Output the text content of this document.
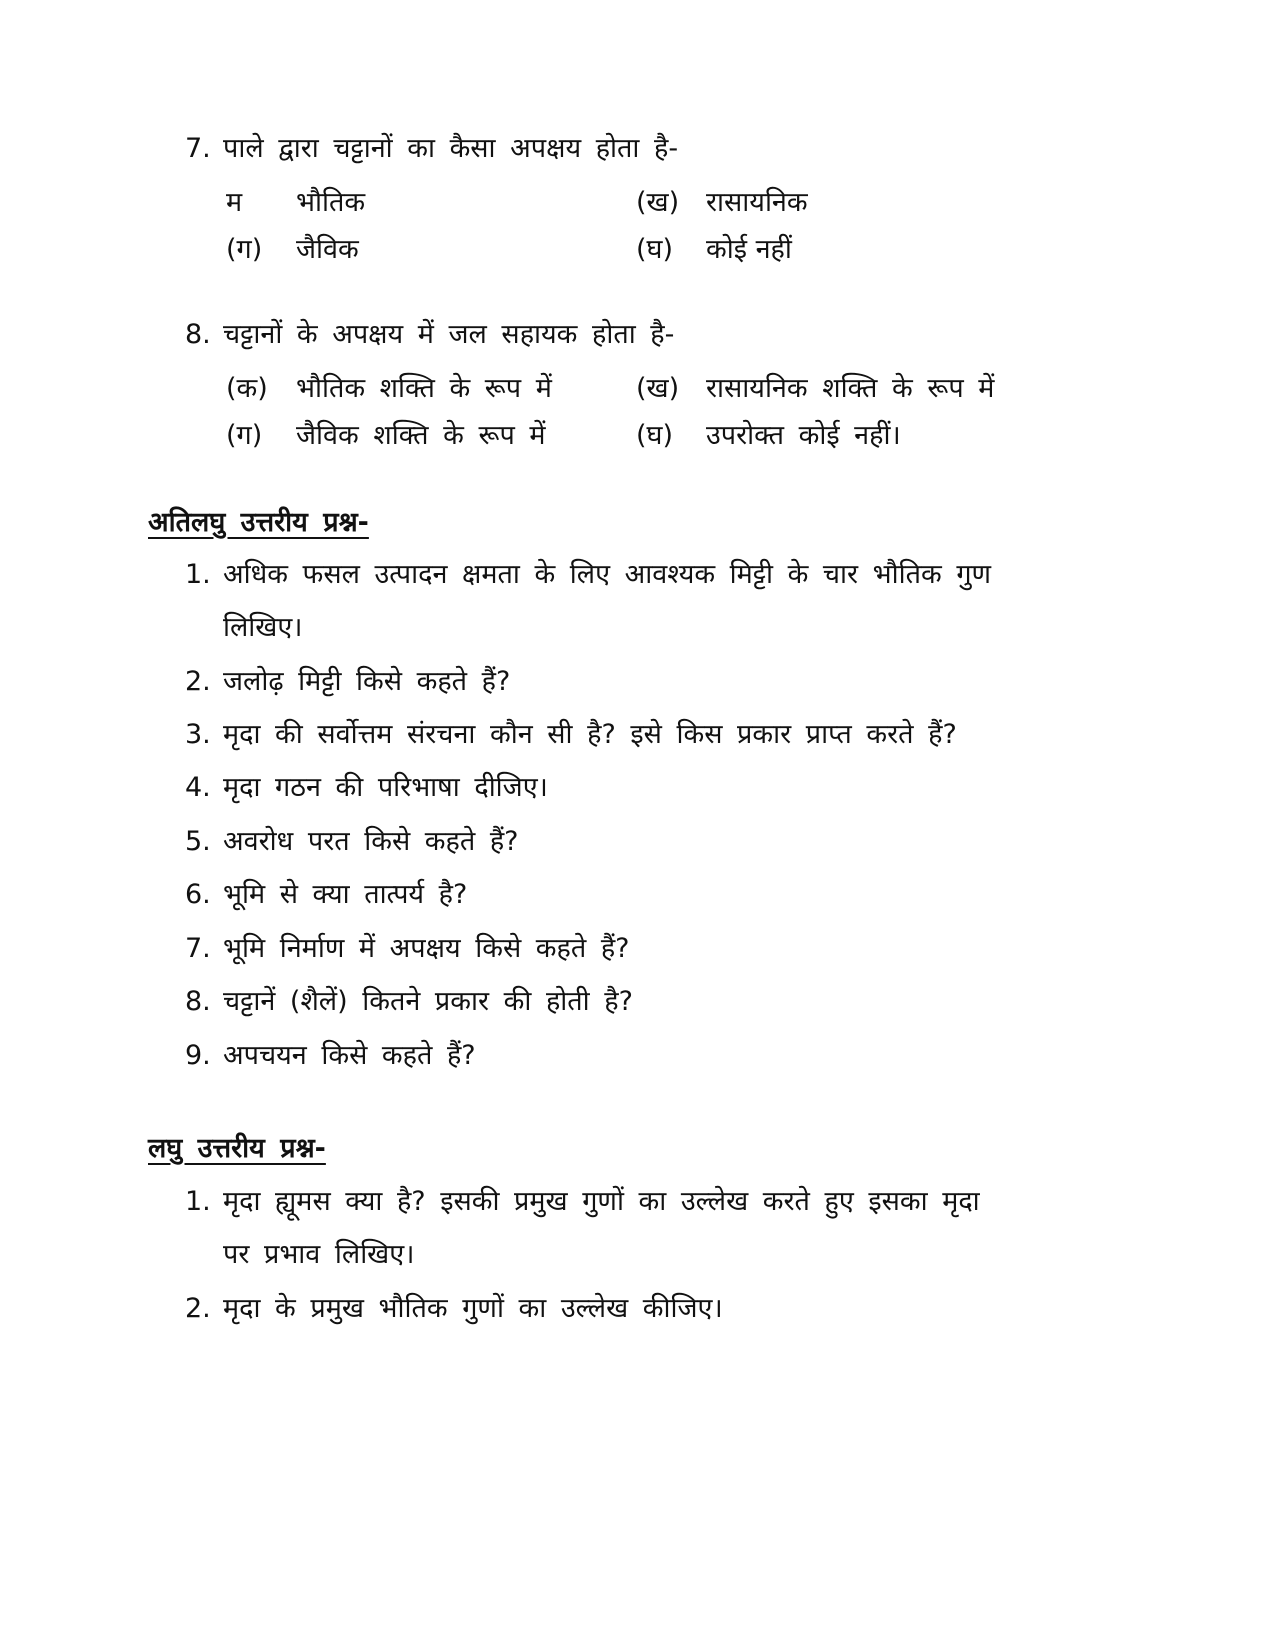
7. पाले द्वारा चट्टानों का कैसा अपक्षय होता है-
म भौतिक	(ख) रासायनिक
(ग) जैविक	(घ) कोई नहीं
8. चट्टानों के अपक्षय में जल सहायक होता है-
(क) भौतिक शक्ति के रूप में	(ख) रासायनिक शक्ति के रूप में
(ग) जैविक शक्ति के रूप में	(घ) उपरोक्त कोई नहीं।
अतिलघु उत्तरीय प्रश्न-
1. अधिक फसल उत्पादन क्षमता के लिए आवश्यक मिट्टी के चार भौतिक गुण
लिखिए।
2. जलोढ़ मिट्टी किसे कहते हैं?
3. मृदा की सर्वोत्तम संरचना कौन सी है? इसे किस प्रकार प्राप्त करते हैं?
4. मृदा गठन की परिभाषा दीजिए।
5. अवरोध परत किसे कहते हैं?
6. भूमि से क्या तात्पर्य है?
7. भूमि निर्माण में अपक्षय किसे कहते हैं?
8. चट्टानें (शैलें) कितने प्रकार की होती है?
9. अपचयन किसे कहते हैं?
लघु उत्तरीय प्रश्न-
1. मृदा ह्यूमस क्या है? इसकी प्रमुख गुणों का उल्लेख करते हुए इसका मृदा
पर प्रभाव लिखिए।
2. मृदा के प्रमुख भौतिक गुणों का उल्लेख कीजिए।
